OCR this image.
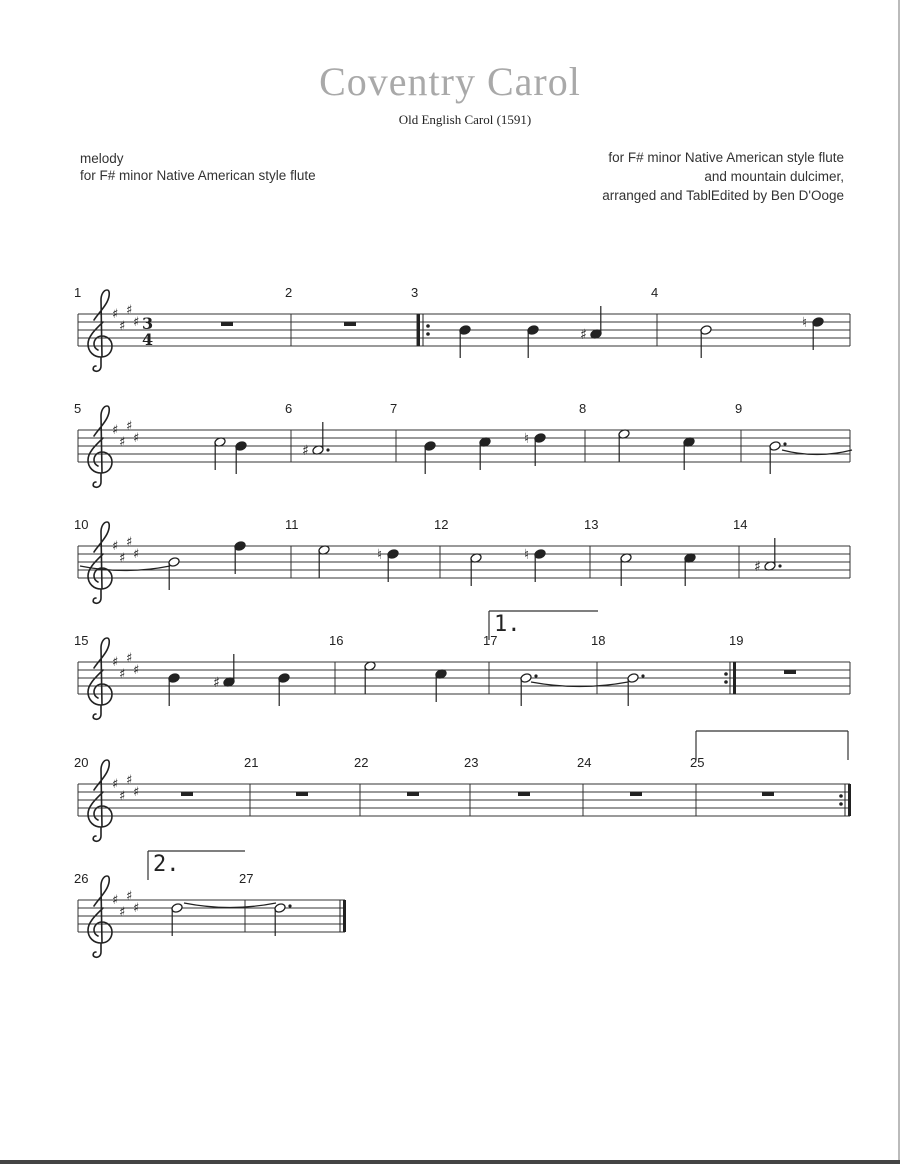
Coventry Carol
Old English Carol (1591)
melody
for F# minor Native American style flute
for F# minor Native American style flute
and mountain dulcimer,
arranged and TablEdited by Ben D'Ooge
♯
♯
♯
♯ 3
4
1	2	3	4
♯
♯
♯
♯
5	6	7	8	9
♯
♯
♯
♯
10	11	12	13	14
♯
♯
♯
♯
15	16	17	18	19
♯
♯
♯
♯
20	21	22	23	24	25
♯
♯
♯
♯
26	27
♯
♮
♯
♮
♮	♮
♯
♯
1.
2.
